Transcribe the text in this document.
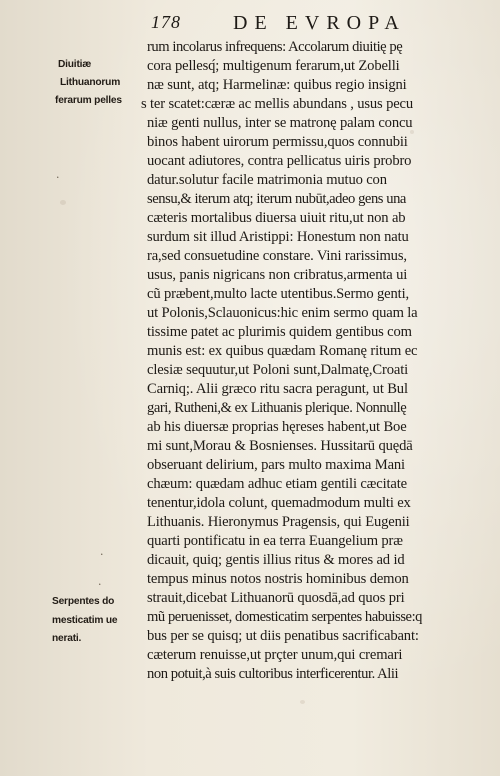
178	DE EVROPA
Diuitiæ
Lithuanorum
ferarum pelles
Serpentes do
mesticatim ue
nerati.
rum incolarus infrequens: Accolarum diuitię pę
cora pellesq́; multigenum ferarum,ut Zobelli
næ sunt, atq; Harmelinæ: quibus regio insigni
s ter scatet:cæræ ac mellis abundans , usus pecu
niæ genti nullus, inter se matronę palam concu
binos habent uirorum permissu,quos connubii
uocant adiutores, contra pellicatus uiris probro
datur.solutur facile matrimonia mutuo con
sensu,& iterum atq; iterum nubūt,adeo gens una
cæteris mortalibus diuersa uiuit ritu,ut non ab
surdum sit illud Aristippi: Honestum non natu
ra,sed consuetudine constare. Vini rarissimus,
usus, panis nigricans non cribratus,armenta ui
cũ præbent,multo lacte utentibus.Sermo genti,
ut Polonis,Sclauonicus:hic enim sermo quam la
tissime patet ac plurimis quidem gentibus com
munis est: ex quibus quædam Romanę ritum ec
clesiæ sequutur,ut Poloni sunt,Dalmatę,Croati
Carniq;. Alii græco ritu sacra peragunt, ut Bul
gari, Rutheni,& ex Lithuanis plerique. Nonnullę
ab his diuersæ proprias hęreses habent,ut Boe
mi sunt,Morau & Bosnienses. Hussitarū quędā
obseruant delirium, pars multo maxima Mani
chæum: quædam adhuc etiam gentili cæcitate
tenentur,idola colunt, quemadmodum multi ex
Lithuanis. Hieronymus Pragensis, qui Eugenii
quarti pontificatu in ea terra Euangelium præ
dicauit, quiq; gentis illius ritus & mores ad id
tempus minus notos nostris hominibus demon
strauit,dicebat Lithuanorū quosdā,ad quos pri
mũ peruenisset, domesticatim serpentes habuisse:q
bus per se quisq; ut diis penatibus sacrificabant:
cæterum renuisse,ut prçter unum,qui cremari
non potuit,à suis cultoribus interficerentur. Alii
·
·
·
